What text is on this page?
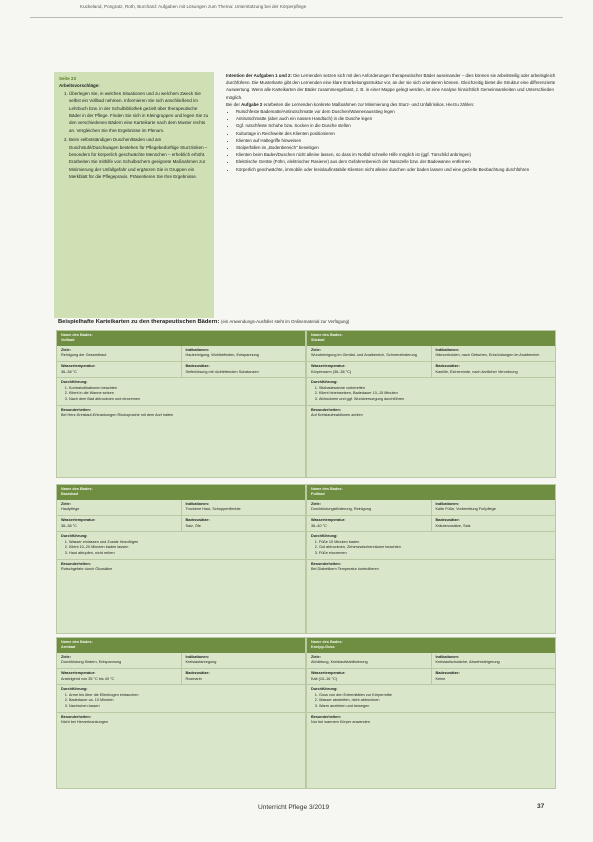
Kuckeland, Pongratz, Roth, Burchard: Aufgaben mit Lösungen zum Thema: Unterstützung bei der Körperpflege
Seite 23
Arbeitsvorschläge:
1. Überlegen Sie, in welchen Situationen und zu welchem Zweck Sie selbst ein Vollbad nehmen. Informieren Sie sich anschließend im Lehrbuch bzw. in der Schulbibliothek gezielt über therapeutische Bäder in der Pflege. Finden Sie sich in Kleingruppen und legen Sie zu den verschiedenen Bädern eine Karteikarte nach dem Muster rechts an. Vergleichen Sie Ihre Ergebnisse im Plenum.
2. Beim selbstständigen Duschen/Baden und am Duschstuhl/Duschwagen bestehen für Pflegebedürftige Sturzrisiken – besonders für körperlich geschwächte Menschen – erheblich erhöht. Erarbeiten Sie mithilfe von Schulbüchern geeignete Maßnahmen zur Minimierung der Unfallgefahr und ergänzen Sie in Gruppen ein Merkblatt für die Pflegepraxis. Präsentieren Sie Ihre Ergebnisse.

Intention der Aufgaben 1 und 2: Die Lernenden setzen sich mit den Anforderungen therapeutischer Bäder auseinander – dies können sie arbeitsteilig oder arbeitsgleich durchführen. Die Musterkarte gibt den Lernenden eine klare Erarbeitungsstruktur vor, an der sie sich orientieren können. Gleichzeitig bietet die Struktur eine differenzierte Auswertung. Wenn alle Karteikarten der Bäder zusammengefasst, z. B. in einer Mappe gelegt werden, ist eine Analyse hinsichtlich Gemeinsamkeiten und Unterschieden möglich.

Bei der Aufgabe 2 erarbeiten die Lernenden konkrete Maßnahmen zur Minimierung des Sturz- und Unfallrisikos. Hierzu zählen:

• Rutschfeste Badematte/Antirutschmatte vor dem Duschen/Wannenausstieg legen
• Antirutschmatte (aber auch ein nasses Handtuch) in die Dusche legen
• Ggf. rutschfeste Schuhe bzw. Socken in die Dusche stellen
• Kulturtage in Reichweite des Klienten positionieren
• Klienten auf Haltegriffe hinweisen
• Stolperfallen im „Bodenbereich" beseitigen
• Klienten beim Baden/Duschen nicht alleine lassen, so dass im Notfall schnelle Hilfe möglich ist (ggf. Türschild anbringen)
• Elektrische Geräte (Föhn, elektrischer Rasierer) aus dem Gefahrenbereich der Nasszelle bzw. der Badewanne entfernen
• Körperlich geschwächte, immobile oder kreislaufinstabile Klienten nicht alleine duschen oder baden lassen und eine gezielte Beobachtung durchführen
Beispielhafte Karteikarten zu den therapeutischen Bädern: (ein Anwendungs-Ausfüller steht im Onlinematerial zur Verfügung)
Name des Bades:
Vollbad
Ziele:
Reinigung der Gesamthaut
Indikationen:
Hautreinigung, Wohlbefinden, Entspannung
Wassertemperatur:
36–38 °C
Badezusätze:
Seifenlösung mit rückfettenden Substanzen
Durchführung:
1. Kontraindikationen beachten
2. Klient in die Wanne setzen
3. Nach dem Bad abtrocknen und eincremen
Besonderheiten:
Bei Herz-Kreislauf-Erkrankungen Rücksprache mit dem Arzt halten
Name des Bades:
Sitzbad
Ziele:
Wundreinigung im Genital- und Analbereich, Schmerzlinderung
Indikationen:
Hämorrhoiden, nach Geburten, Entzündungen im Analbereich
Wassertemperatur:
Körperwarm (36–38 °C)
Badezusätze:
Kamille, Eichenrinde, nach ärztlicher Verordnung
Durchführung:
1. Sitzbadewanne vorbereiten
2. Klient hineinsetzen, Badedauer 10–15 Minuten
3. Abtrocknen und ggf. Wundversorgung durchführen
Besonderheiten:
Auf Kreislaufreaktionen achten
Name des Bades:
Basisbad
Ziele:
Hautpflege
Indikationen:
Trockene Haut, Schuppenflechte
Wassertemperatur:
36–38 °C
Badezusätze:
Salz, Öle
Durchführung:
1. Wasser einlassen und Zusatz hinzufügen
2. Klient 10–20 Minuten baden lassen
3. Haut abtupfen, nicht reiben
Besonderheiten:
Rutschgefahr durch Ölzusätze
Name des Bades:
Fußbad
Ziele:
Durchblutungsförderung, Reinigung
Indikationen:
Kalte Füße, Vorbereitung Fußpflege
Wassertemperatur:
36–40 °C
Badezusätze:
Kräuterzusätze, Salz
Durchführung:
1. Füße 10 Minuten baden
2. Gut abtrocknen, Zehenzwischenräume beachten
3. Füße eincremen
Besonderheiten:
Bei Diabetikern Temperatur kontrollieren
Name des Bades:
Armbad
Ziele:
Durchblutung fördern, Entspannung
Indikationen:
Kreislaufanregung
Wassertemperatur:
Ansteigend von 35 °C bis 40 °C
Badezusätze:
Rosmarin
Durchführung:
1. Arme bis über die Ellenbogen eintauchen
2. Badedauer ca. 10 Minuten
3. Nachruhen lassen
Besonderheiten:
Nicht bei Herzerkrankungen
Name des Bades:
Kneipp-Guss
Ziele:
Abhärtung, Kreislaufstabilisierung
Indikationen:
Kreislaufschwäche, Abwehrsteigerung
Wassertemperatur:
Kalt (10–16 °C)
Badezusätze:
Keine
Durchführung:
1. Guss von den Extremitäten zur Körpermitte
2. Wasser abstreifen, nicht abtrocknen
3. Warm anziehen und bewegen
Besonderheiten:
Nur bei warmem Körper anwenden
Unterricht Pflege 3/2019	37
